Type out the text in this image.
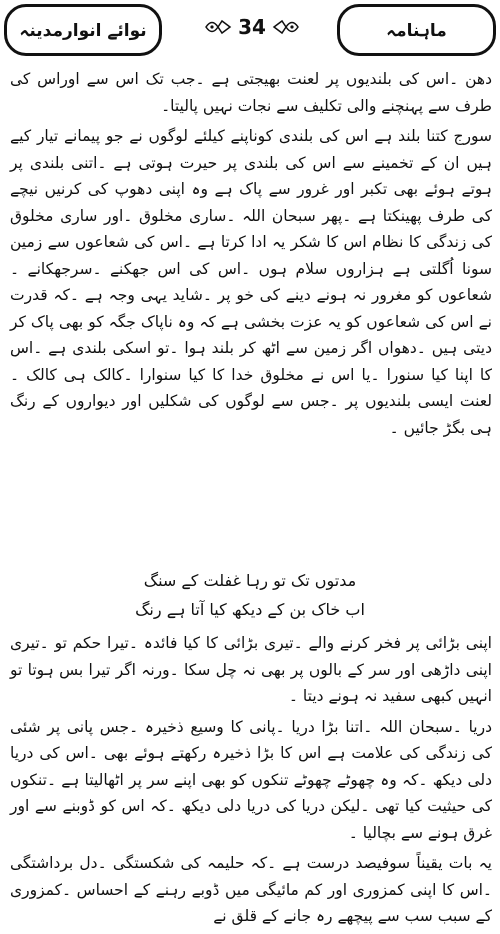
نوائے انوارمدینہ	34	ماہنامہ

دھن ۔اس کی بلندیوں پر لعنت بھیجتی ہے ۔جب تک اس سے اوراس کی طرف سے پہنچنے والی تکلیف سے نجات نہیں پالیتا۔

سورج کتنا بلند ہے اس کی بلندی کوناپنے کیلئے لوگوں نے جو پیمانے تیار کیے ہیں ان کے تخمینے سے اس کی بلندی پر حیرت ہوتی ہے ۔اتنی بلندی پر ہوتے ہوئے بھی تکبر اور غرور سے پاک ہے وہ اپنی دھوپ کی کرنیں نیچے کی طرف پھینکتا ہے ۔پھر سبحان اللہ ۔ساری مخلوق ۔اور ساری مخلوق کی زندگی کا نظام اس کا شکر یہ ادا کرتا ہے ۔اس کی شعاعوں سے زمین سونا اُگلتی ہے ہزاروں سلام ہوں ۔اس کی اس جھکنے ۔سرجھکانے ۔شعاعوں کو مغرور نہ ہونے دینے کی خو پر ۔شاید یہی وجہ ہے ۔کہ قدرت نے اس کی شعاعوں کو یہ عزت بخشی ہے کہ وہ ناپاک جگہ کو بھی پاک کر دیتی ہیں ۔دھواں اگر زمین سے اٹھ کر بلند ہوا ۔تو اسکی بلندی ہے ۔اس کا اپنا کیا سنورا ۔یا اس نے مخلوق خدا کا کیا سنوارا ۔کالک ہی کالک ۔لعنت ایسی بلندیوں پر ۔جس سے لوگوں کی شکلیں اور دیواروں کے رنگ ہی بگڑ جائیں ۔

مدتوں تک تو رہا غفلت کے سنگ
اب خاک بن کے دیکھ کیا آتا ہے رنگ

اپنی بڑائی پر فخر کرنے والے ۔تیری بڑائی کا کیا فائدہ ۔تیرا حکم تو ۔تیری اپنی داڑھی اور سر کے بالوں پر بھی نہ چل سکا ۔ورنہ اگر تیرا بس ہوتا تو انہیں کبھی سفید نہ ہونے دیتا ۔

دریا ۔سبحان اللہ ۔اتنا بڑا دریا ۔پانی کا وسیع ذخیرہ ۔جس پانی پر شئی کی زندگی کی علامت ہے اس کا بڑا ذخیرہ رکھتے ہوئے بھی ۔اس کی دریا دلی دیکھ ۔کہ وہ چھوٹے چھوٹے تنکوں کو بھی اپنے سر پر اٹھالیتا ہے ۔تنکوں کی حیثیت کیا تھی ۔لیکن دریا کی دریا دلی دیکھ ۔کہ اس کو ڈوبنے سے اور غرق ہونے سے بچالیا ۔

یہ بات یقیناً سوفیصد درست ہے ۔کہ حلیمہ کی شکستگی ۔دل برداشتگی ۔اس کا اپنی کمزوری اور کم مائیگی میں ڈوبے رہنے کے احساس ۔کمزوری کے سبب سب سے پیچھے رہ جانے کے قلق نے
